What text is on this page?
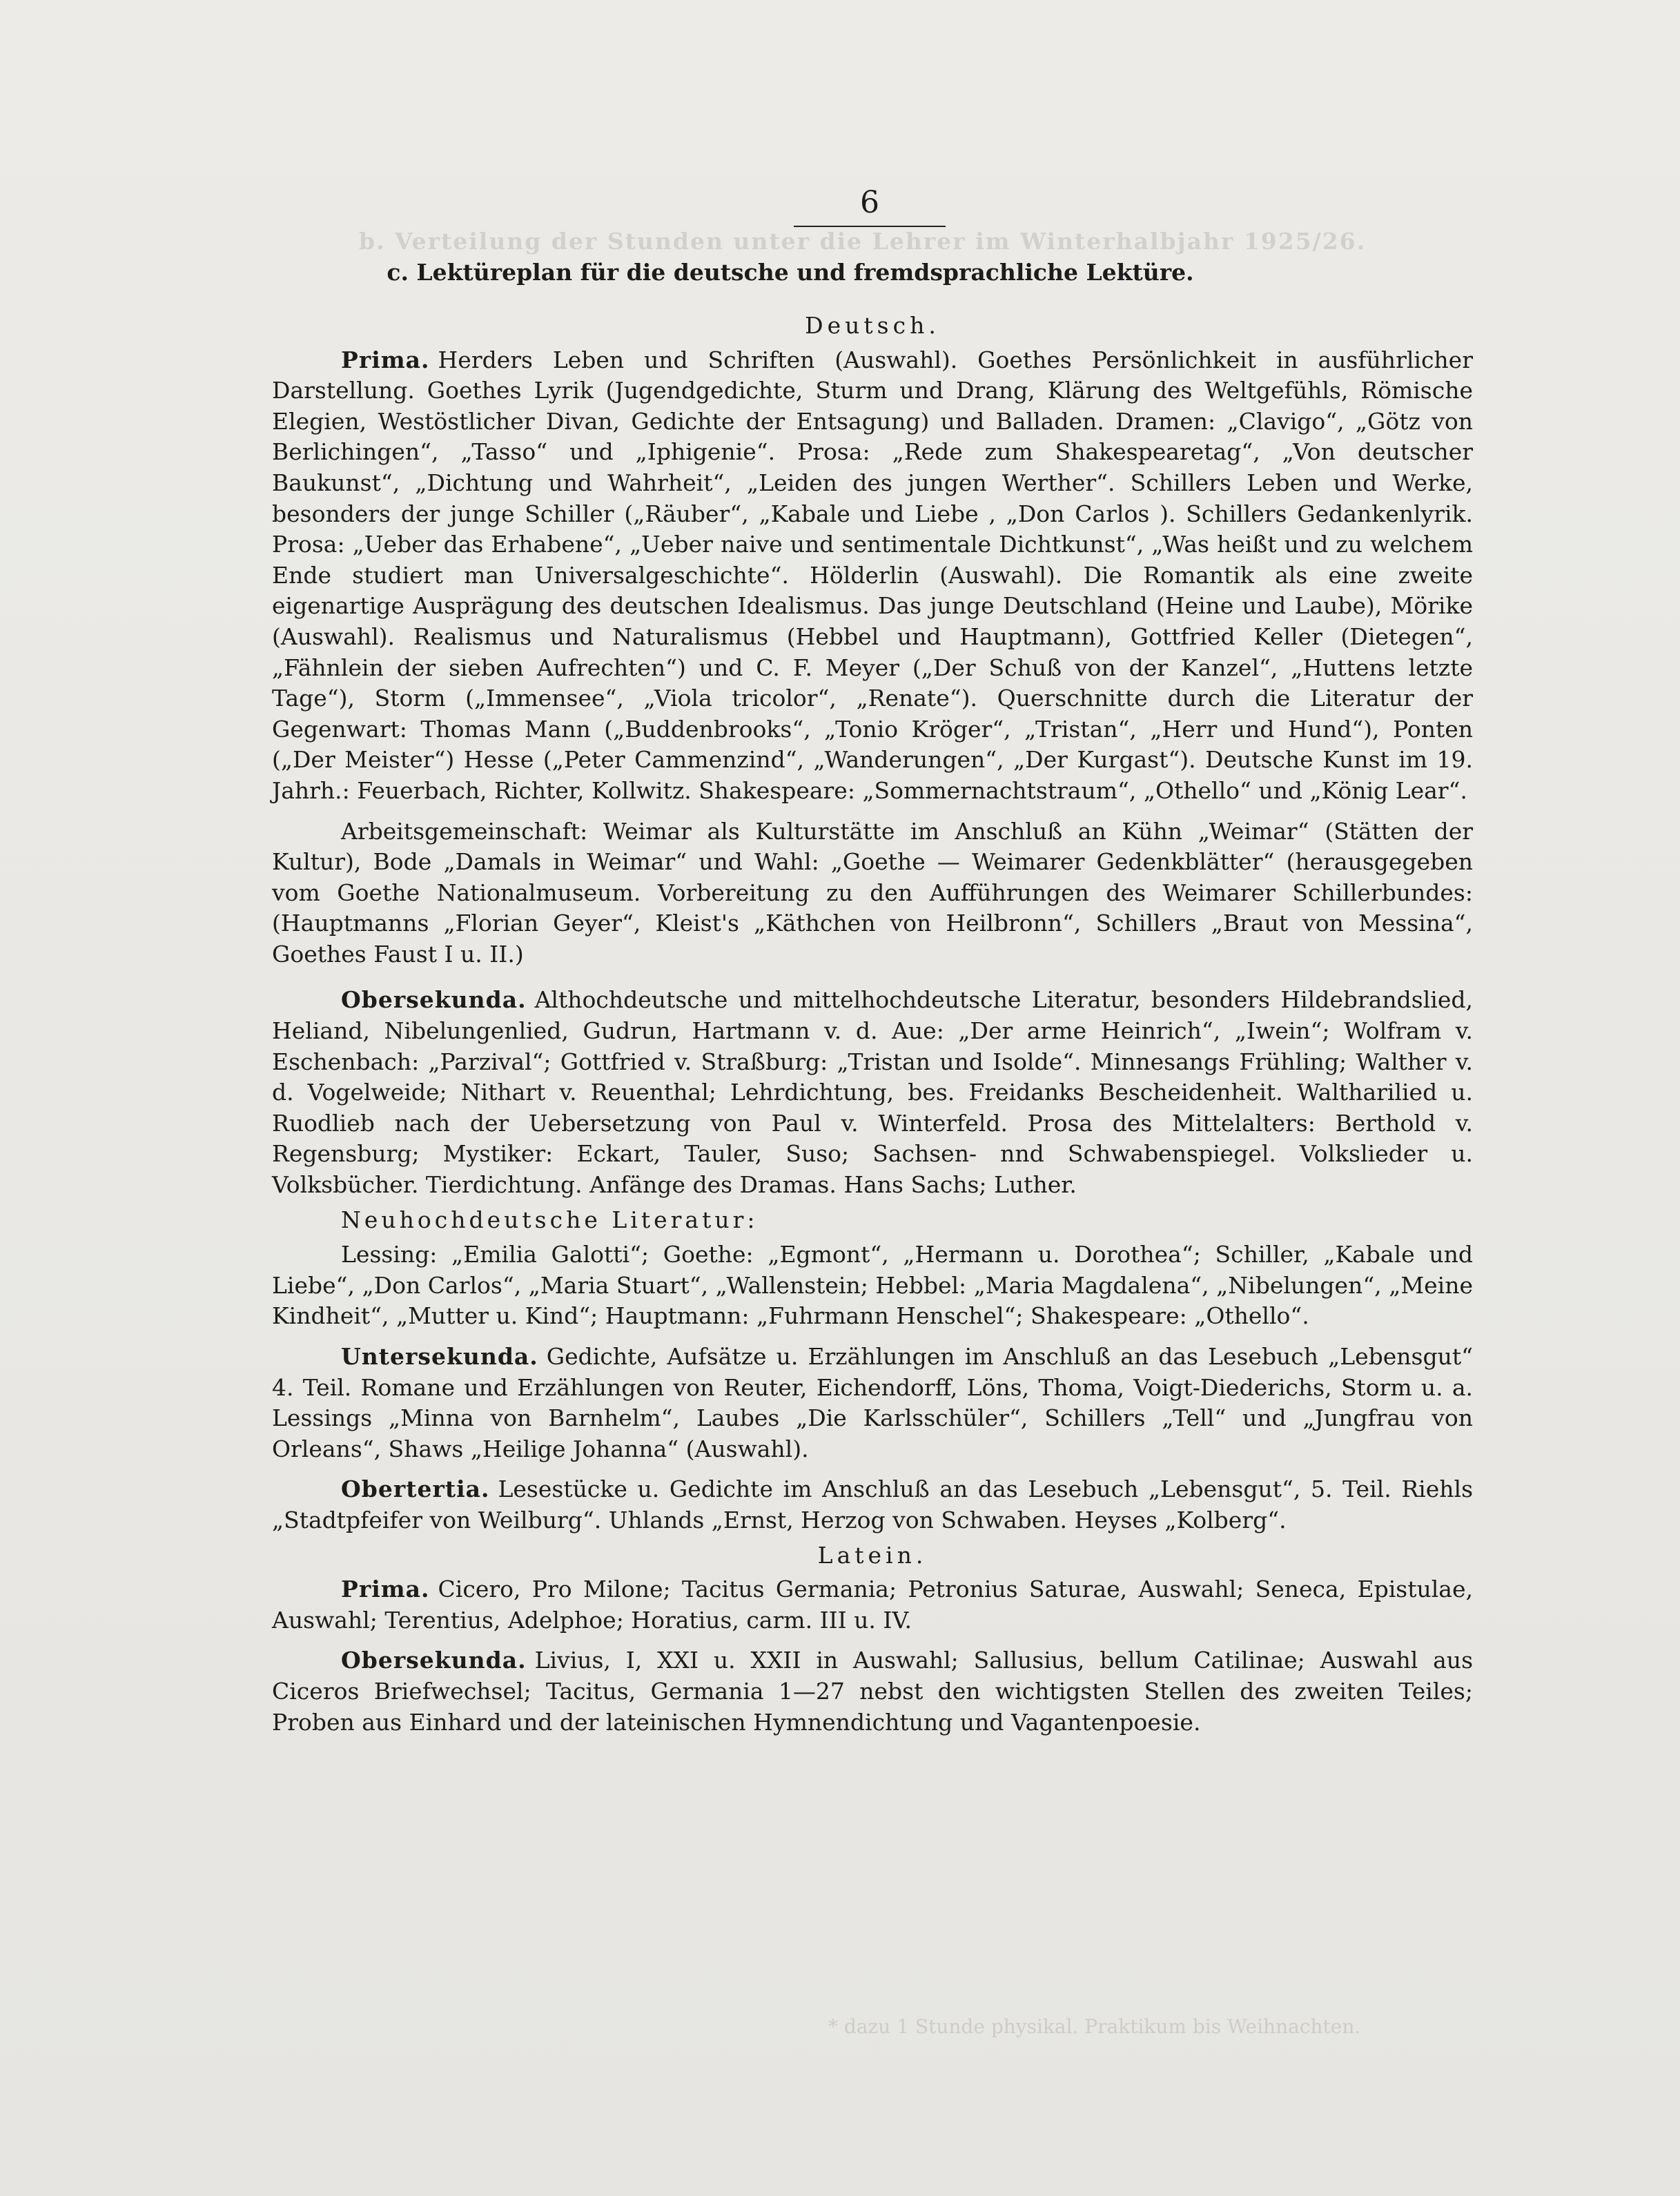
b. Verteilung der Stunden unter die Lehrer im Winterhalbjahr 1925/26.
* dazu 1 Stunde physikal. Praktikum bis Weihnachten.
6
c. Lektüreplan für die deutsche und fremdsprachliche Lektüre.

Deutsch.

Prima. Herders Leben und Schriften (Auswahl). Goethes Persönlichkeit in ausführlicher Darstellung. Goethes Lyrik (Jugendgedichte, Sturm und Drang, Klärung des Weltgefühls, Römische Elegien, Westöstlicher Divan, Gedichte der Entsagung) und Balladen. Dramen: „Clavigo“, „Götz von Berlichingen“, „Tasso“ und „Iphigenie“. Prosa: „Rede zum Shakespearetag“, „Von deutscher Baukunst“, „Dichtung und Wahrheit“, „Leiden des jungen Werther“. Schillers Leben und Werke, besonders der junge Schiller („Räuber“, „Kabale und Liebe , „Don Carlos ). Schillers Gedankenlyrik. Prosa: „Ueber das Erhabene“, „Ueber naive und sentimentale Dichtkunst“, „Was heißt und zu welchem Ende studiert man Universalgeschichte“. Hölderlin (Auswahl). Die Romantik als eine zweite eigenartige Ausprägung des deutschen Idealismus. Das junge Deutschland (Heine und Laube), Mörike (Auswahl). Realismus und Naturalismus (Hebbel und Hauptmann), Gottfried Keller (Dietegen“, „Fähnlein der sieben Aufrechten“) und C. F. Meyer („Der Schuß von der Kanzel“, „Huttens letzte Tage“), Storm („Immensee“, „Viola tricolor“, „Renate“). Querschnitte durch die Literatur der Gegenwart: Thomas Mann („Buddenbrooks“, „Tonio Kröger“, „Tristan“, „Herr und Hund“), Ponten („Der Meister“) Hesse („Peter Cammenzind“, „Wanderungen“, „Der Kurgast“). Deutsche Kunst im 19. Jahrh.: Feuerbach, Richter, Kollwitz. Shakespeare: „Sommernachtstraum“, „Othello“ und „König Lear“.

Arbeitsgemeinschaft: Weimar als Kulturstätte im Anschluß an Kühn „Weimar“ (Stätten der Kultur), Bode „Damals in Weimar“ und Wahl: „Goethe — Weimarer Gedenkblätter“ (herausgegeben vom Goethe Nationalmuseum. Vorbereitung zu den Aufführungen des Weimarer Schillerbundes: (Hauptmanns „Florian Geyer“, Kleist's „Käthchen von Heilbronn“, Schillers „Braut von Messina“, Goethes Faust I u. II.)

Obersekunda. Althochdeutsche und mittelhochdeutsche Literatur, besonders Hildebrandslied, Heliand, Nibelungenlied, Gudrun, Hartmann v. d. Aue: „Der arme Heinrich“, „Iwein“; Wolfram v. Eschenbach: „Parzival“; Gottfried v. Straßburg: „Tristan und Isolde“. Minnesangs Frühling; Walther v. d. Vogelweide; Nithart v. Reuenthal; Lehrdichtung, bes. Freidanks Bescheidenheit. Waltharilied u. Ruodlieb nach der Uebersetzung von Paul v. Winterfeld. Prosa des Mittelalters: Berthold v. Regensburg; Mystiker: Eckart, Tauler, Suso; Sachsen- nnd Schwabenspiegel. Volkslieder u. Volksbücher. Tierdichtung. Anfänge des Dramas. Hans Sachs; Luther.

Neuhochdeutsche Literatur:

Lessing: „Emilia Galotti“; Goethe: „Egmont“, „Hermann u. Dorothea“; Schiller, „Kabale und Liebe“, „Don Carlos“, „Maria Stuart“, „Wallenstein; Hebbel: „Maria Magdalena“, „Nibelungen“, „Meine Kindheit“, „Mutter u. Kind“; Hauptmann: „Fuhrmann Henschel“; Shakespeare: „Othello“.

Untersekunda. Gedichte, Aufsätze u. Erzählungen im Anschluß an das Lesebuch „Lebensgut“ 4. Teil. Romane und Erzählungen von Reuter, Eichendorff, Löns, Thoma, Voigt-Diederichs, Storm u. a. Lessings „Minna von Barnhelm“, Laubes „Die Karlsschüler“, Schillers „Tell“ und „Jungfrau von Orleans“, Shaws „Heilige Johanna“ (Auswahl).

Obertertia. Lesestücke u. Gedichte im Anschluß an das Lesebuch „Lebensgut“, 5. Teil. Riehls „Stadtpfeifer von Weilburg“. Uhlands „Ernst, Herzog von Schwaben. Heyses „Kolberg“.

Latein.

Prima. Cicero, Pro Milone; Tacitus Germania; Petronius Saturae, Auswahl; Seneca, Epistulae, Auswahl; Terentius, Adelphoe; Horatius, carm. III u. IV.

Obersekunda. Livius, I, XXI u. XXII in Auswahl; Sallusius, bellum Catilinae; Auswahl aus Ciceros Briefwechsel; Tacitus, Germania 1—27 nebst den wichtigsten Stellen des zweiten Teiles; Proben aus Einhard und der lateinischen Hymnendichtung und Vagantenpoesie.
